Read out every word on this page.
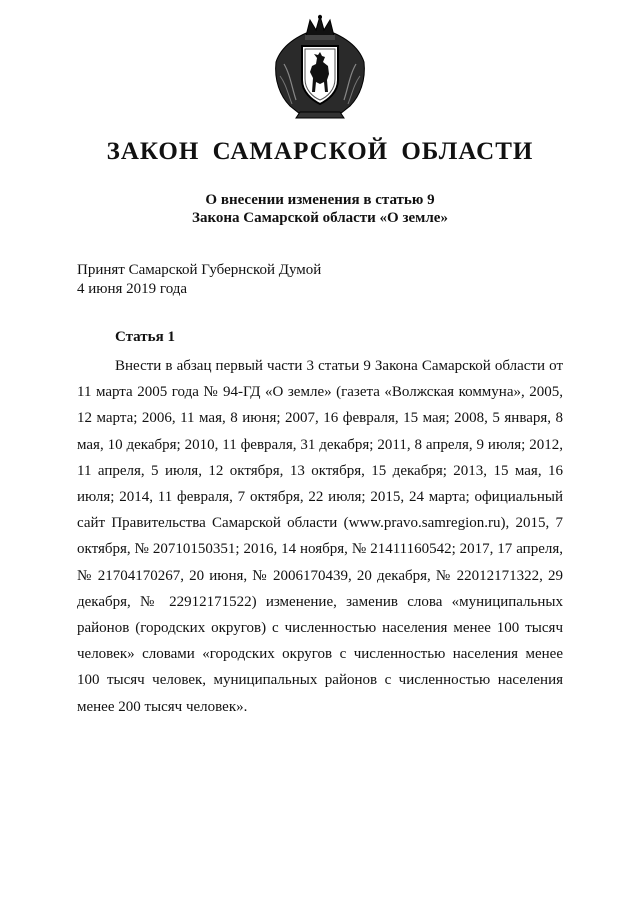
ЗАКОН САМАРСКОЙ ОБЛАСТИ

О внесении изменения в статью 9

Закона Самарской области «О земле»

Принят Самарской Губернской Думой

4 июня 2019 года

Статья 1

Внести в абзац первый части 3 статьи 9 Закона Самарской области от 11 марта 2005 года № 94-ГД «О земле» (газета «Волжская коммуна», 2005, 12 марта; 2006, 11 мая, 8 июня; 2007, 16 февраля, 15 мая; 2008, 5 января, 8 мая, 10 декабря; 2010, 11 февраля, 31 декабря; 2011, 8 апреля, 9 июля; 2012, 11 апреля, 5 июля, 12 октября, 13 октября, 15 декабря; 2013, 15 мая, 16 июля; 2014, 11 февраля, 7 октября, 22 июля; 2015, 24 марта; официальный сайт Правительства Самарской области (www.pravo.samregion.ru), 2015, 7 октября, № 20710150351; 2016, 14 ноября, № 21411160542; 2017, 17 апреля, № 21704170267, 20 июня, № 2006170439, 20 декабря, № 22012171322, 29 декабря, № 22912171522) изменение, заменив слова «муниципальных районов (городских округов) с численностью населения менее 100 тысяч человек» словами «городских округов с численностью населения менее 100 тысяч человек, муниципальных районов с численностью населения менее 200 тысяч человек».
